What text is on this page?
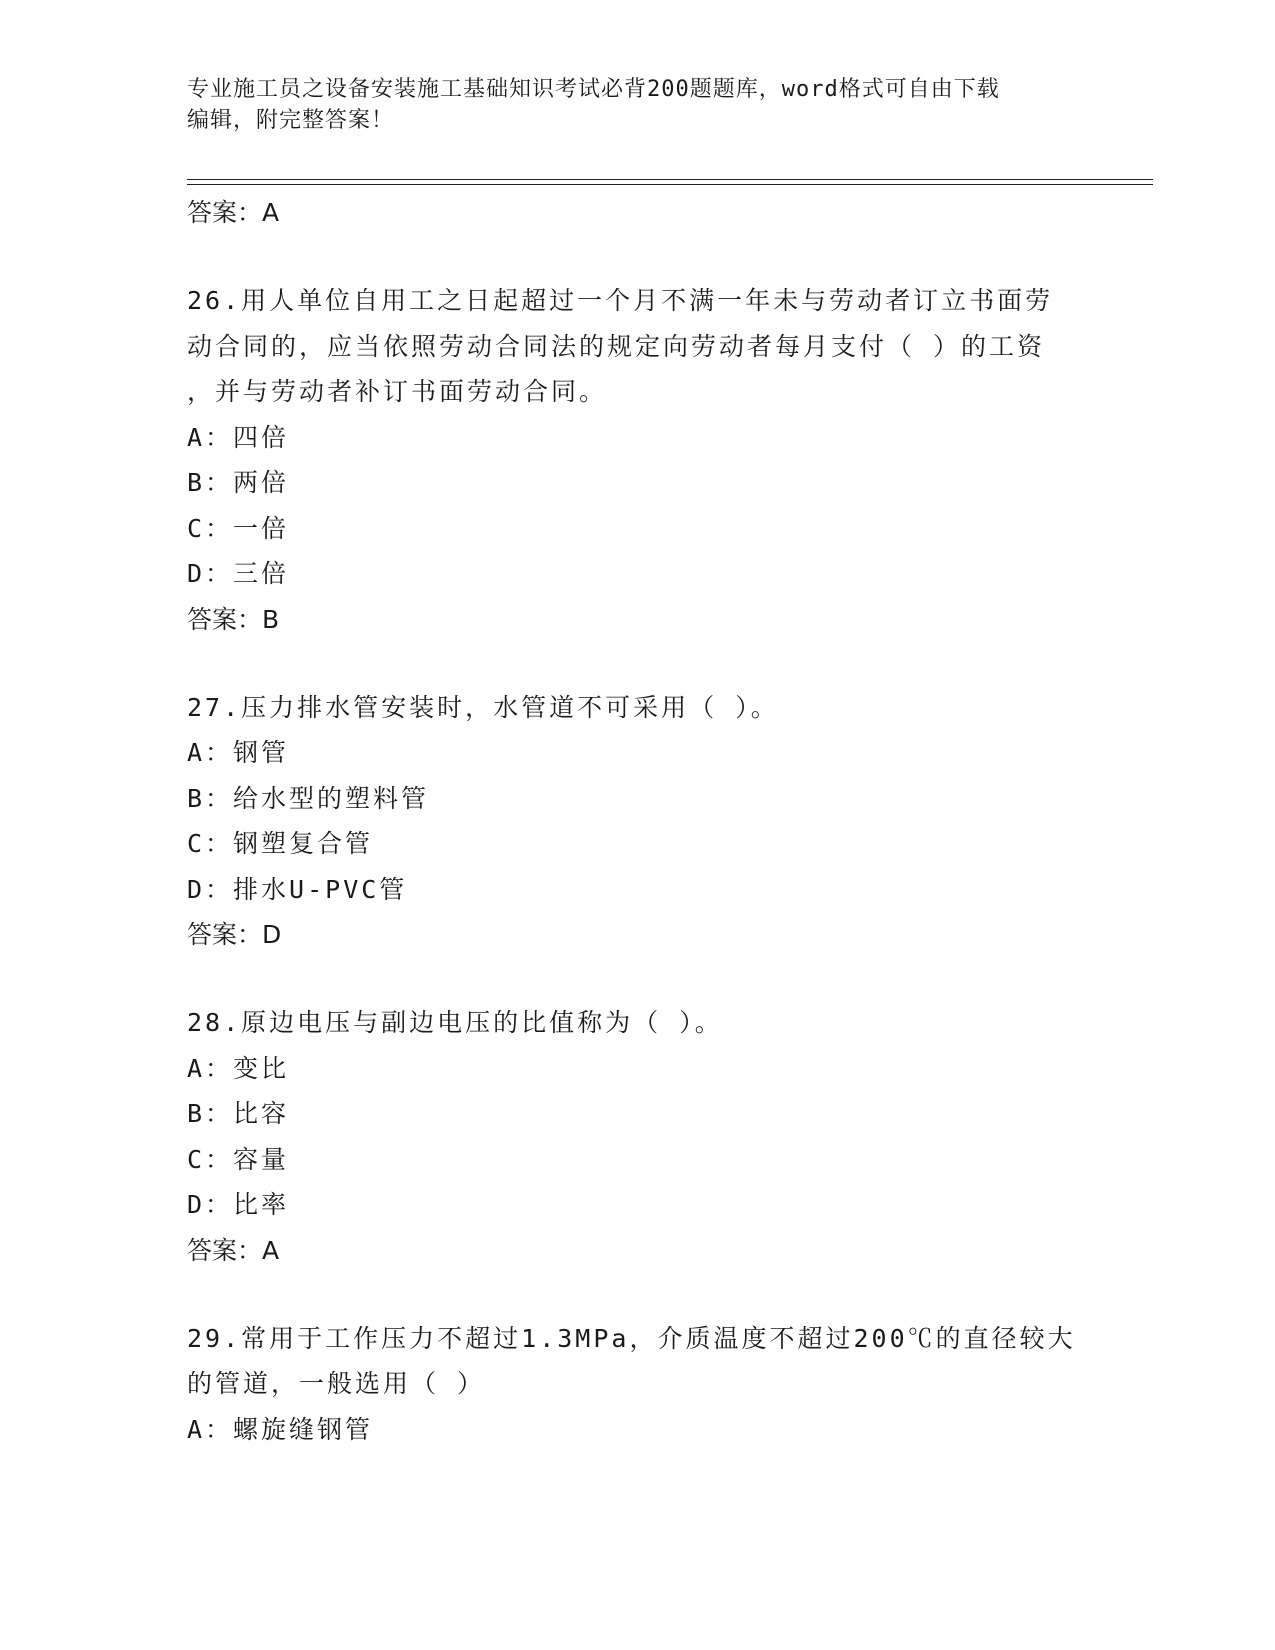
专业施工员之设备安装施工基础知识考试必背200题题库，word格式可自由下载
编辑，附完整答案！
答案：A
26.用人单位自用工之日起超过一个月不满一年未与劳动者订立书面劳
动合同的，应当依照劳动合同法的规定向劳动者每月支付（ ）的工资
，并与劳动者补订书面劳动合同。
A：四倍
B：两倍
C：一倍
D：三倍
答案：B
27.压力排水管安装时，水管道不可采用（ ）。
A：钢管
B：给水型的塑料管
C：钢塑复合管
D：排水U-PVC管
答案：D
28.原边电压与副边电压的比值称为（ ）。
A：变比
B：比容
C：容量
D：比率
答案：A
29.常用于工作压力不超过1.3MPa，介质温度不超过200℃的直径较大
的管道，一般选用（ ）
A：螺旋缝钢管
